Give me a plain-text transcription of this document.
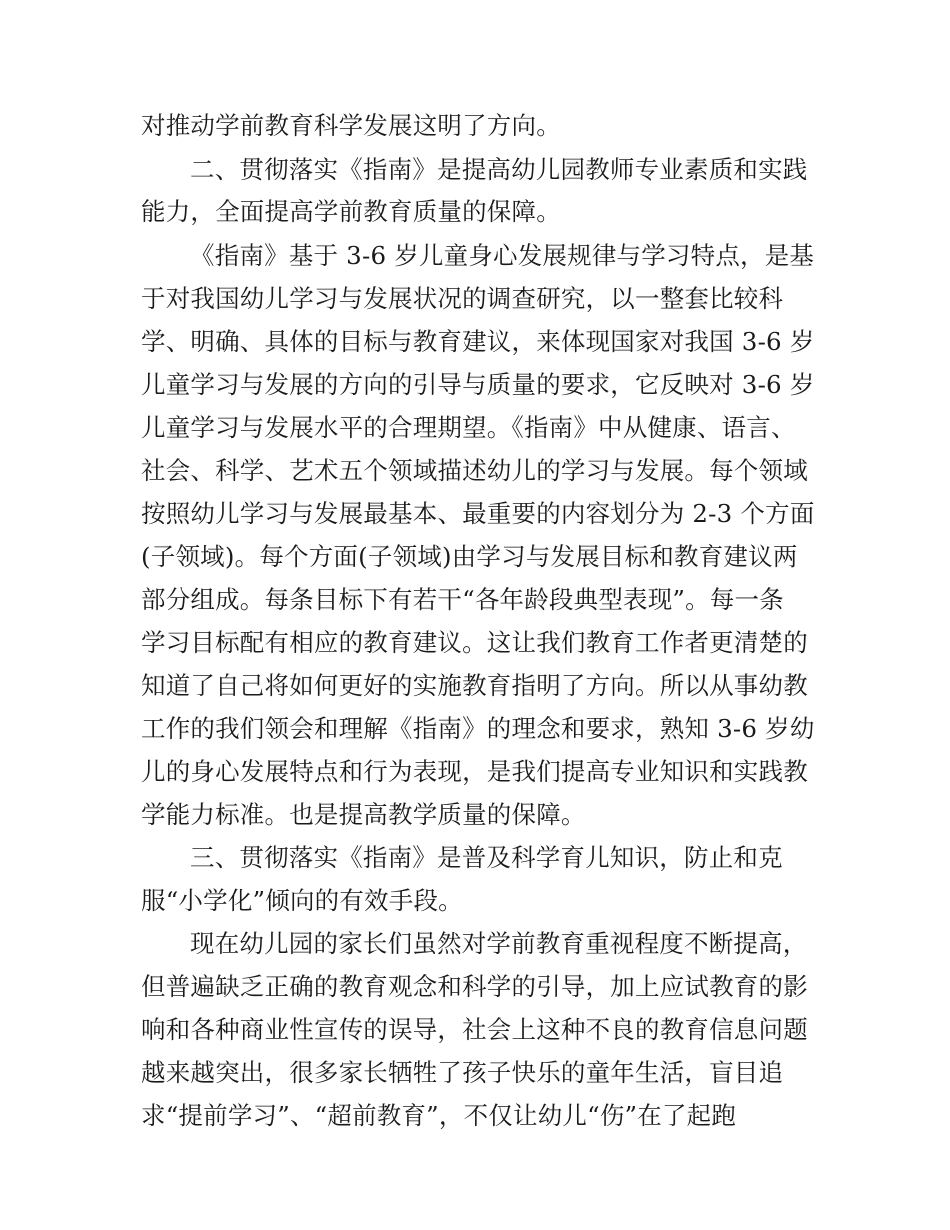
对推动学前教育科学发展这明了方向。
二、贯彻落实《指南》是提高幼儿园教师专业素质和实践
能力，全面提高学前教育质量的保障。
《指南》基于 3-6 岁儿童身心发展规律与学习特点，是基
于对我国幼儿学习与发展状况的调查研究，以一整套比较科
学、明确、具体的目标与教育建议，来体现国家对我国 3-6 岁
儿童学习与发展的方向的引导与质量的要求，它反映对 3-6 岁
儿童学习与发展水平的合理期望。《指南》中从健康、语言、
社会、科学、艺术五个领域描述幼儿的学习与发展。每个领域
按照幼儿学习与发展最基本、最重要的内容划分为 2-3 个方面
(子领域)。每个方面(子领域)由学习与发展目标和教育建议两
部分组成。每条目标下有若干“各年龄段典型表现”。每一条
学习目标配有相应的教育建议。这让我们教育工作者更清楚的
知道了自己将如何更好的实施教育指明了方向。所以从事幼教
工作的我们领会和理解《指南》的理念和要求，熟知 3-6 岁幼
儿的身心发展特点和行为表现，是我们提高专业知识和实践教
学能力标准。也是提高教学质量的保障。
三、贯彻落实《指南》是普及科学育儿知识，防止和克
服“小学化”倾向的有效手段。
现在幼儿园的家长们虽然对学前教育重视程度不断提高，
但普遍缺乏正确的教育观念和科学的引导，加上应试教育的影
响和各种商业性宣传的误导，社会上这种不良的教育信息问题
越来越突出，很多家长牺牲了孩子快乐的童年生活，盲目追
求“提前学习”、“超前教育”，不仅让幼儿“伤”在了起跑
